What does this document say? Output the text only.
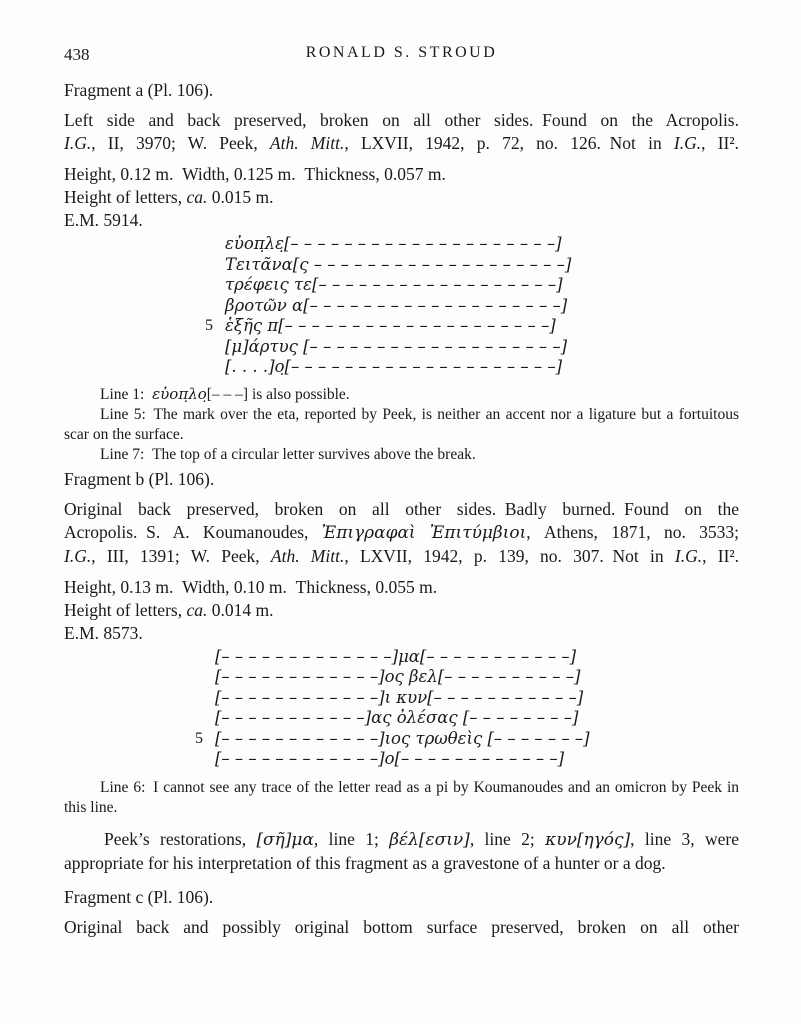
438	RONALD S. STROUD

Fragment a (Pl. 106).

Left side and back preserved, broken on all other sides. Found on the Acropolis.
I.G., II, 3970; W. Peek, Ath. Mitt., LXVII, 1942, p. 72, no. 126. Not in I.G., II².

Height, 0.12 m. Width, 0.125 m. Thickness, 0.057 m.

Height of letters, ca. 0.015 m.

E.M. 5914.

εὐοπ̣λε̣[– – – – – – – – – – – – – – – – – – – –]
Τειτᾶνα[ς – – – – – – – – – – – – – – – – – – –]
τρέφεις τε[– – – – – – – – – – – – – – – – – –]
βροτῶν α[– – – – – – – – – – – – – – – – – – –]
5 ἑξῆς π[– – – – – – – – – – – – – – – – – – – –]
[μ]άρτυς [– – – – – – – – – – – – – – – – – – –]
[. . . .]ο̣[– – – – – – – – – – – – – – – – – – – –]

Line 1: εὐοπ̣λο̣[– – –] is also possible.

Line 5: The mark over the eta, reported by Peek, is neither an accent nor a ligature but a fortuitous scar on the surface.

Line 7: The top of a circular letter survives above the break.

Fragment b (Pl. 106).

Original back preserved, broken on all other sides. Badly burned. Found on the
Acropolis. S. A. Koumanoudes, Ἐπιγραφαὶ Ἐπιτύμβιοι, Athens, 1871, no. 3533;
I.G., III, 1391; W. Peek, Ath. Mitt., LXVII, 1942, p. 139, no. 307. Not in I.G., II².

Height, 0.13 m. Width, 0.10 m. Thickness, 0.055 m.

Height of letters, ca. 0.014 m.

E.M. 8573.

[– – – – – – – – – – – – –]μα[– – – – – – – – – – –]
[– – – – – – – – – – – –]ος βελ[– – – – – – – – – –]
[– – – – – – – – – – – –]ι κυν[– – – – – – – – – – –]
[– – – – – – – – – – –]ας ὀλέσας [– – – – – – – –]
5 [– – – – – – – – – – – –]ιος τρωθεὶς [– – – – – – –]
[– – – – – – – – – – – –]ο[– – – – – – – – – – – –]

Line 6: I cannot see any trace of the letter read as a pi by Koumanoudes and an omicron by Peek in this line.

Peek’s restorations, [σῆ]μα, line 1; βέλ[εσιν], line 2; κυν[ηγός], line 3, were appropriate for his interpretation of this fragment as a gravestone of a hunter or a dog.

Fragment c (Pl. 106).

Original back and possibly original bottom surface preserved, broken on all other
